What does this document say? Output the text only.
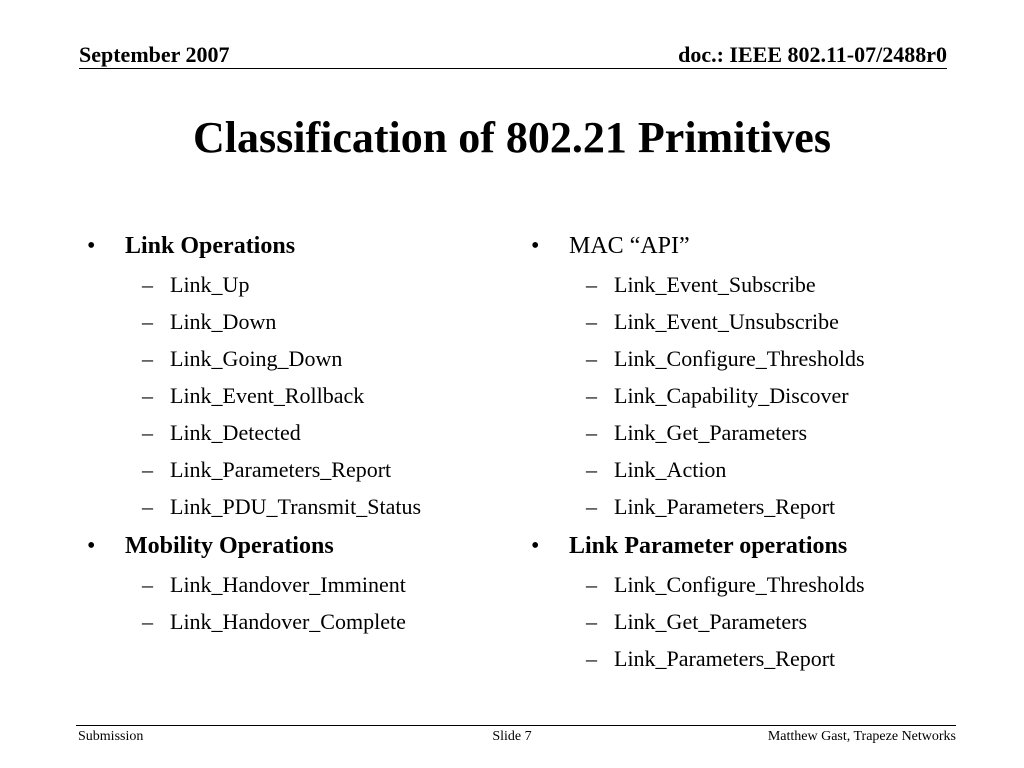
September 2007	doc.: IEEE 802.11-07/2488r0
Classification of 802.21 Primitives
•	Link Operations
– Link_Up
– Link_Down
– Link_Going_Down
– Link_Event_Rollback
– Link_Detected
– Link_Parameters_Report
– Link_PDU_Transmit_Status
•	Mobility Operations
– Link_Handover_Imminent
– Link_Handover_Complete
•	MAC “API”
– Link_Event_Subscribe
– Link_Event_Unsubscribe
– Link_Configure_Thresholds
– Link_Capability_Discover
– Link_Get_Parameters
– Link_Action
– Link_Parameters_Report
•	Link Parameter operations
– Link_Configure_Thresholds
– Link_Get_Parameters
– Link_Parameters_Report
Submission	Slide 7	Matthew Gast, Trapeze Networks
